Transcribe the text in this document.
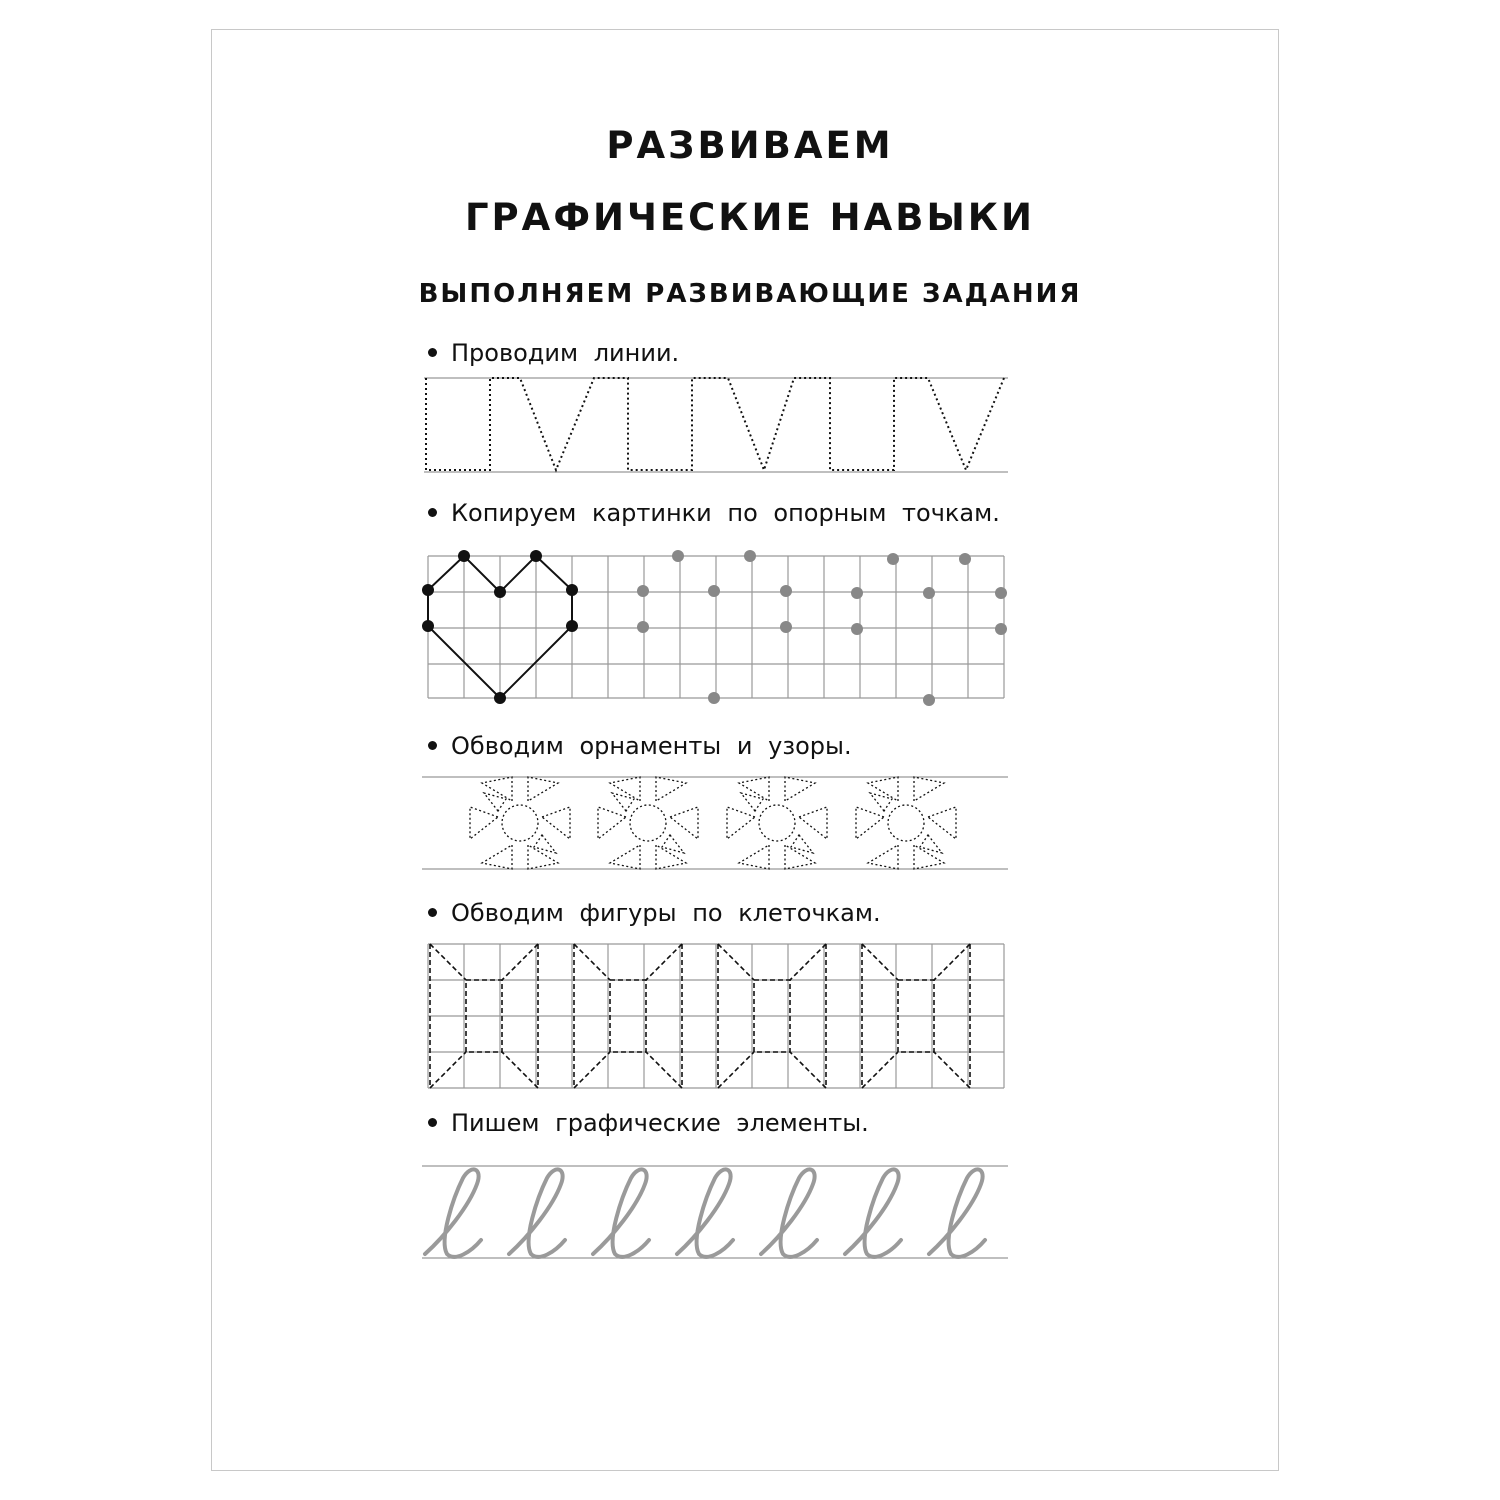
РАЗВИВАЕМ
ГРАФИЧЕСКИЕ НАВЫКИ
ВЫПОЛНЯЕМ РАЗВИВАЮЩИЕ ЗАДАНИЯ
Проводим линии.
Копируем картинки по опорным точкам.
Обводим орнаменты и узоры.
Обводим фигуры по клеточкам.
Пишем графические элементы.
